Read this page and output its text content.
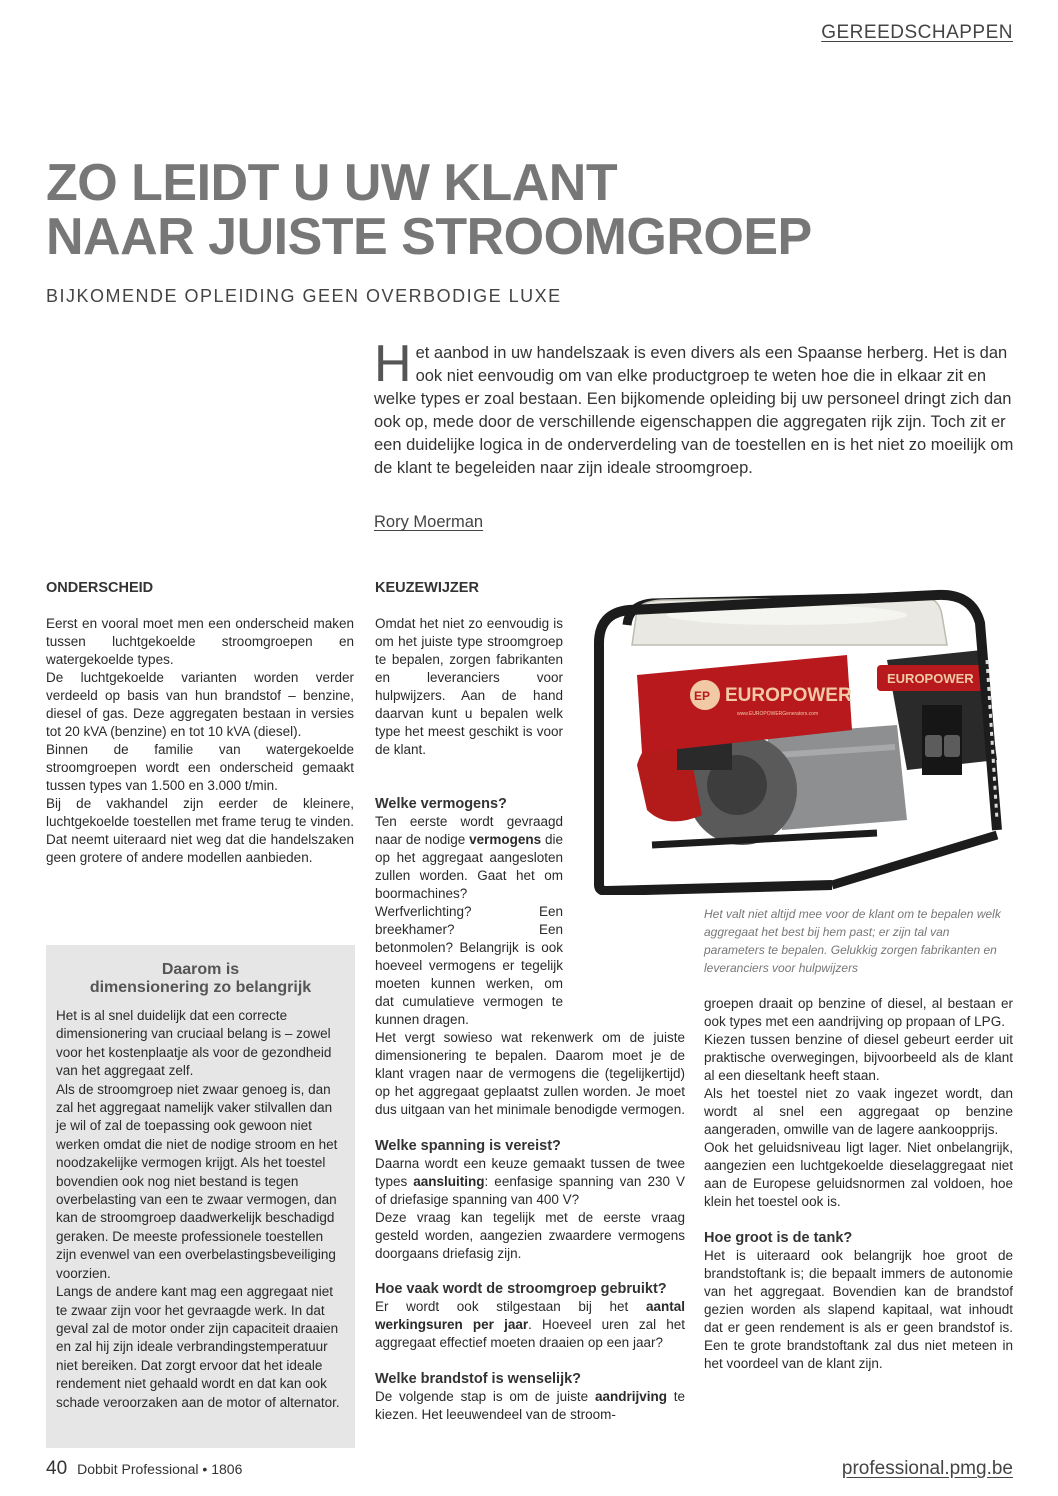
GEREEDSCHAPPEN
ZO LEIDT U UW KLANT
NAAR JUISTE STROOMGROEP
BIJKOMENDE OPLEIDING GEEN OVERBODIGE LUXE
Het aanbod in uw handelszaak is even divers als een Spaanse herberg. Het is dan ook niet eenvoudig om van elke productgroep te weten hoe die in elkaar zit en welke types er zoal bestaan. Een bijkomende opleiding bij uw personeel dringt zich dan ook op, mede door de verschillende eigenschappen die aggregaten rijk zijn. Toch zit er een duidelijke logica in de onderverdeling van de toestellen en is het niet zo moeilijk om de klant te begeleiden naar zijn ideale stroomgroep.
Rory Moerman
ONDERSCHEID

Eerst en vooral moet men een onderscheid maken tussen luchtgekoelde stroomgroepen en watergekoelde types.

De luchtgekoelde varianten worden verder verdeeld op basis van hun brandstof – benzine, diesel of gas. Deze aggregaten bestaan in versies tot 20 kVA (benzine) en tot 10 kVA (diesel).

Binnen de familie van watergekoelde stroomgroepen wordt een onderscheid gemaakt tussen types van 1.500 en 3.000 t/min.

Bij de vakhandel zijn eerder de kleinere, luchtgekoelde toestellen met frame terug te vinden. Dat neemt uiteraard niet weg dat die handelszaken geen grotere of andere modellen aanbieden.

Daarom is
dimensionering zo belangrijk

Het is al snel duidelijk dat een correcte dimensionering van cruciaal belang is – zowel voor het kostenplaatje als voor de gezondheid van het aggregaat zelf.

Als de stroomgroep niet zwaar genoeg is, dan zal het aggregaat namelijk vaker stilvallen dan je wil of zal de toepassing ook gewoon niet werken omdat die niet de nodige stroom en het noodzakelijke vermogen krijgt. Als het toestel bovendien ook nog niet bestand is tegen overbelasting van een te zwaar vermogen, dan kan de stroomgroep daadwerkelijk beschadigd geraken. De meeste professionele toestellen zijn evenwel van een overbelastingsbeveiliging voorzien.

Langs de andere kant mag een aggregaat niet te zwaar zijn voor het gevraagde werk. In dat geval zal de motor onder zijn capaciteit draaien en zal hij zijn ideale verbrandingstemperatuur niet bereiken. Dat zorgt ervoor dat het ideale rendement niet gehaald wordt en dat kan ook schade veroorzaken aan de motor of alternator.

KEUZEWIJZER

Omdat het niet zo eenvoudig is om het juiste type stroomgroep te bepalen, zorgen fabrikanten en leveranciers voor hulpwijzers. Aan de hand daarvan kunt u bepalen welk type het meest geschikt is voor de klant.

Welke vermogens?

Ten eerste wordt gevraagd naar de nodige vermogens die op het aggregaat aangesloten zullen worden. Gaat het om boormachines? Werfverlichting? Een breekhamer? Een betonmolen? Belangrijk is ook hoeveel vermogens er tegelijk moeten kunnen werken, om dat cumulatieve vermogen te kunnen dragen.

Het vergt sowieso wat rekenwerk om de juiste dimensionering te bepalen. Daarom moet je de klant vragen naar de vermogens die (tegelijkertijd) op het aggregaat geplaatst zullen worden. Je moet dus uitgaan van het minimale benodigde vermogen.

Welke spanning is vereist?

Daarna wordt een keuze gemaakt tussen de twee types aansluiting: eenfasige spanning van 230 V of driefasige spanning van 400 V?

Deze vraag kan tegelijk met de eerste vraag gesteld worden, aangezien zwaardere vermogens doorgaans driefasig zijn.

Hoe vaak wordt de stroomgroep gebruikt?

Er wordt ook stilgestaan bij het aantal werkingsuren per jaar. Hoeveel uren zal het aggregaat effectief moeten draaien op een jaar?

Welke brandstof is wenselijk?

De volgende stap is om de juiste aandrijving te kiezen. Het leeuwendeel van de stroom-

EUROPOWER
EP EUROPOWER
www.EUROPOWERGenerators.com
Het valt niet altijd mee voor de klant om te bepalen welk aggregaat het best bij hem past; er zijn tal van parameters te bepalen. Gelukkig zorgen fabrikanten en leveranciers voor hulpwijzers

groepen draait op benzine of diesel, al bestaan er ook types met een aandrijving op propaan of LPG.

Kiezen tussen benzine of diesel gebeurt eerder uit praktische overwegingen, bijvoorbeeld als de klant al een dieseltank heeft staan.

Als het toestel niet zo vaak ingezet wordt, dan wordt al snel een aggregaat op benzine aangeraden, omwille van de lagere aankoopprijs.

Ook het geluidsniveau ligt lager. Niet onbelangrijk, aangezien een luchtgekoelde dieselaggregaat niet aan de Europese geluidsnormen zal voldoen, hoe klein het toestel ook is.

Hoe groot is de tank?

Het is uiteraard ook belangrijk hoe groot de brandstoftank is; die bepaalt immers de autonomie van het aggregaat. Bovendien kan de brandstof gezien worden als slapend kapitaal, wat inhoudt dat er geen rendement is als er geen brandstof is. Een te grote brandstoftank zal dus niet meteen in het voordeel van de klant zijn.

40 Dobbit Professional • 1806	professional.pmg.be
